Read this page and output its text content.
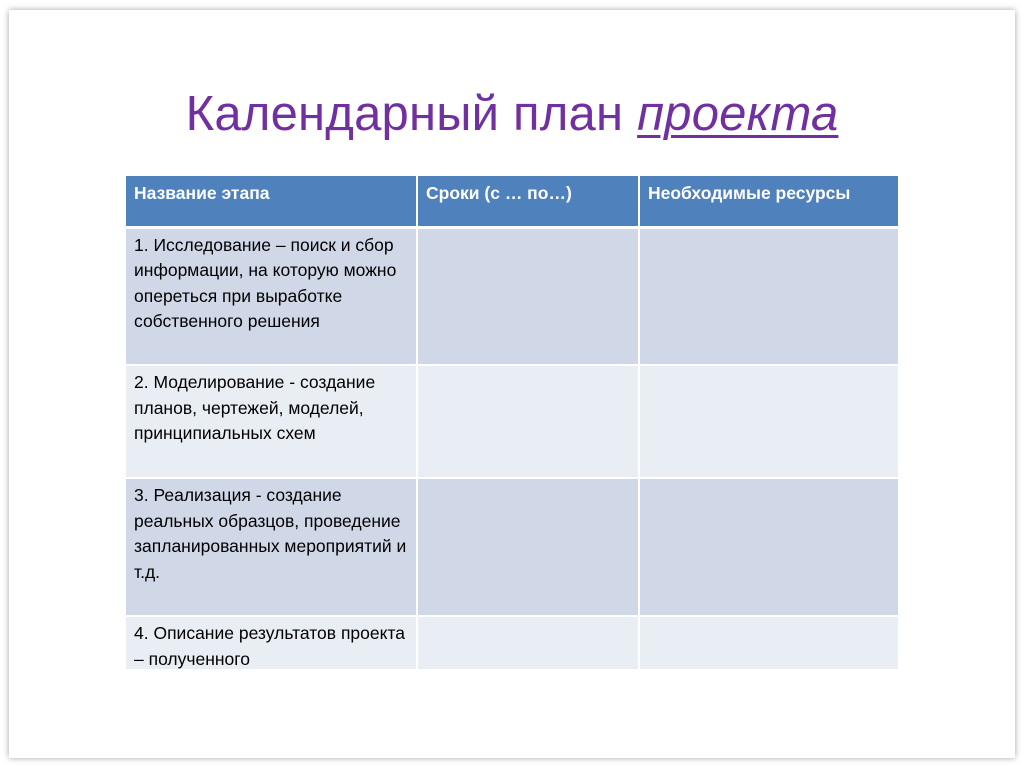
Календарный план проекта
Название этапа	Сроки (с … по…)	Необходимые ресурсы
1. Исследование – поиск и сбор информации, на которую можно опереться при выработке собственного решения		
2. Моделирование - создание планов, чертежей, моделей, принципиальных схем		
3. Реализация - создание реальных образцов, проведение запланированных мероприятий и т.д.		
4. Описание результатов проекта – полученного		
